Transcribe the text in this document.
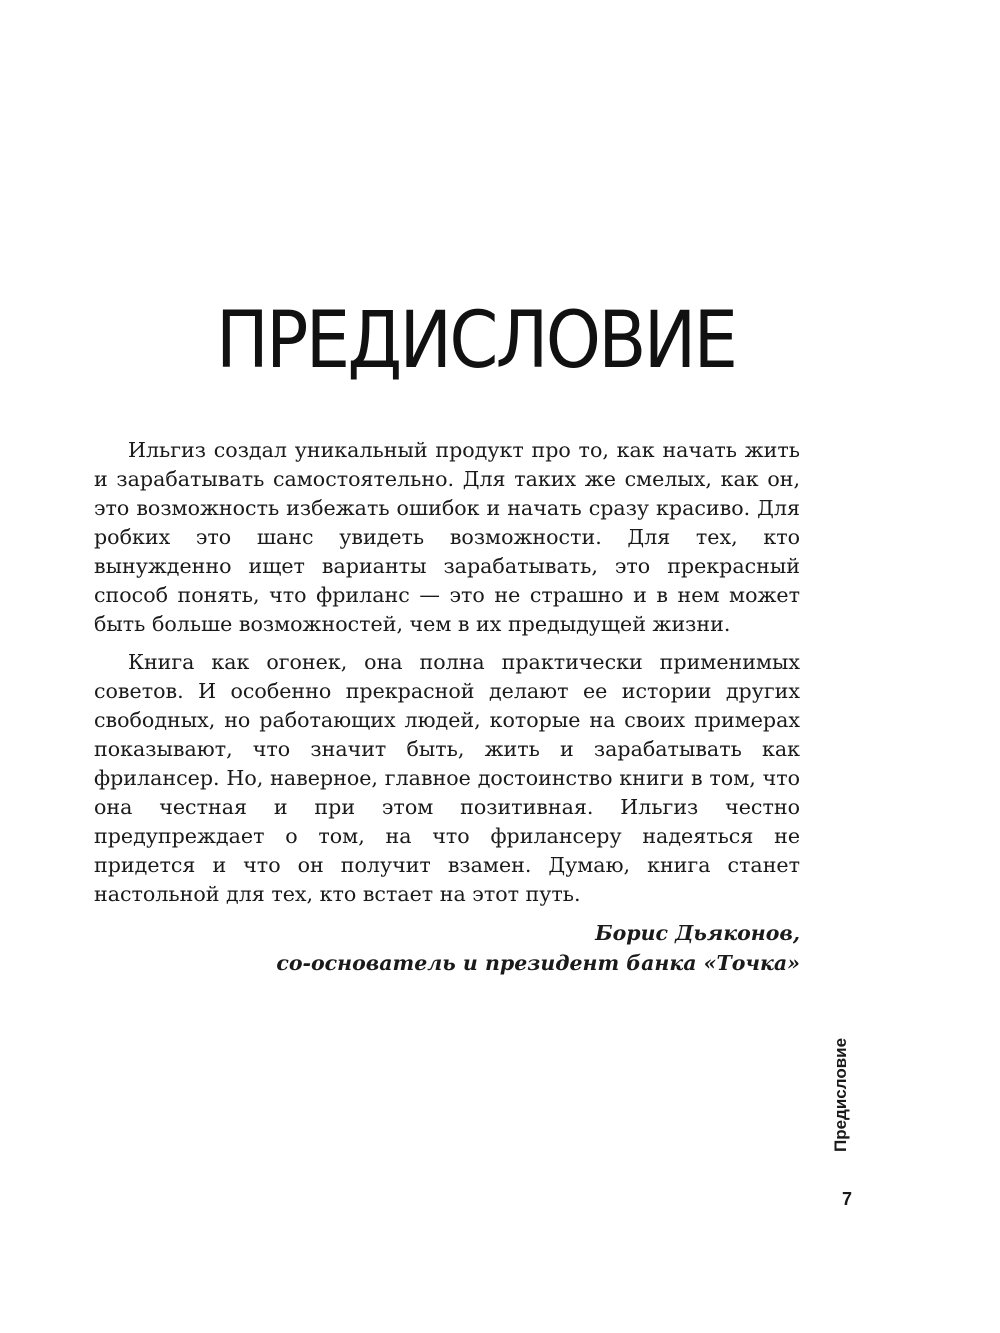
ПРЕДИСЛОВИЕ

Ильгиз создал уникальный продукт про то, как начать жить и зарабатывать самостоятельно. Для таких же смелых, как он, это возможность избежать ошибок и начать сразу красиво. Для робких это шанс увидеть возможности. Для тех, кто вынужденно ищет варианты зарабатывать, это прекрасный способ понять, что фриланс — это не страшно и в нем может быть больше возможностей, чем в их предыдущей жизни.

Книга как огонек, она полна практически применимых советов. И особенно прекрасной делают ее истории других свободных, но работающих людей, которые на своих примерах показывают, что значит быть, жить и зарабатывать как фрилансер. Но, наверное, главное достоинство книги в том, что она честная и при этом позитивная. Ильгиз честно предупреждает о том, на что фрилансеру надеяться не придется и что он получит взамен. Думаю, книга станет настольной для тех, кто встает на этот путь.

Борис Дьяконов,
со-основатель и президент банка «Точка»
Предисловие
7
